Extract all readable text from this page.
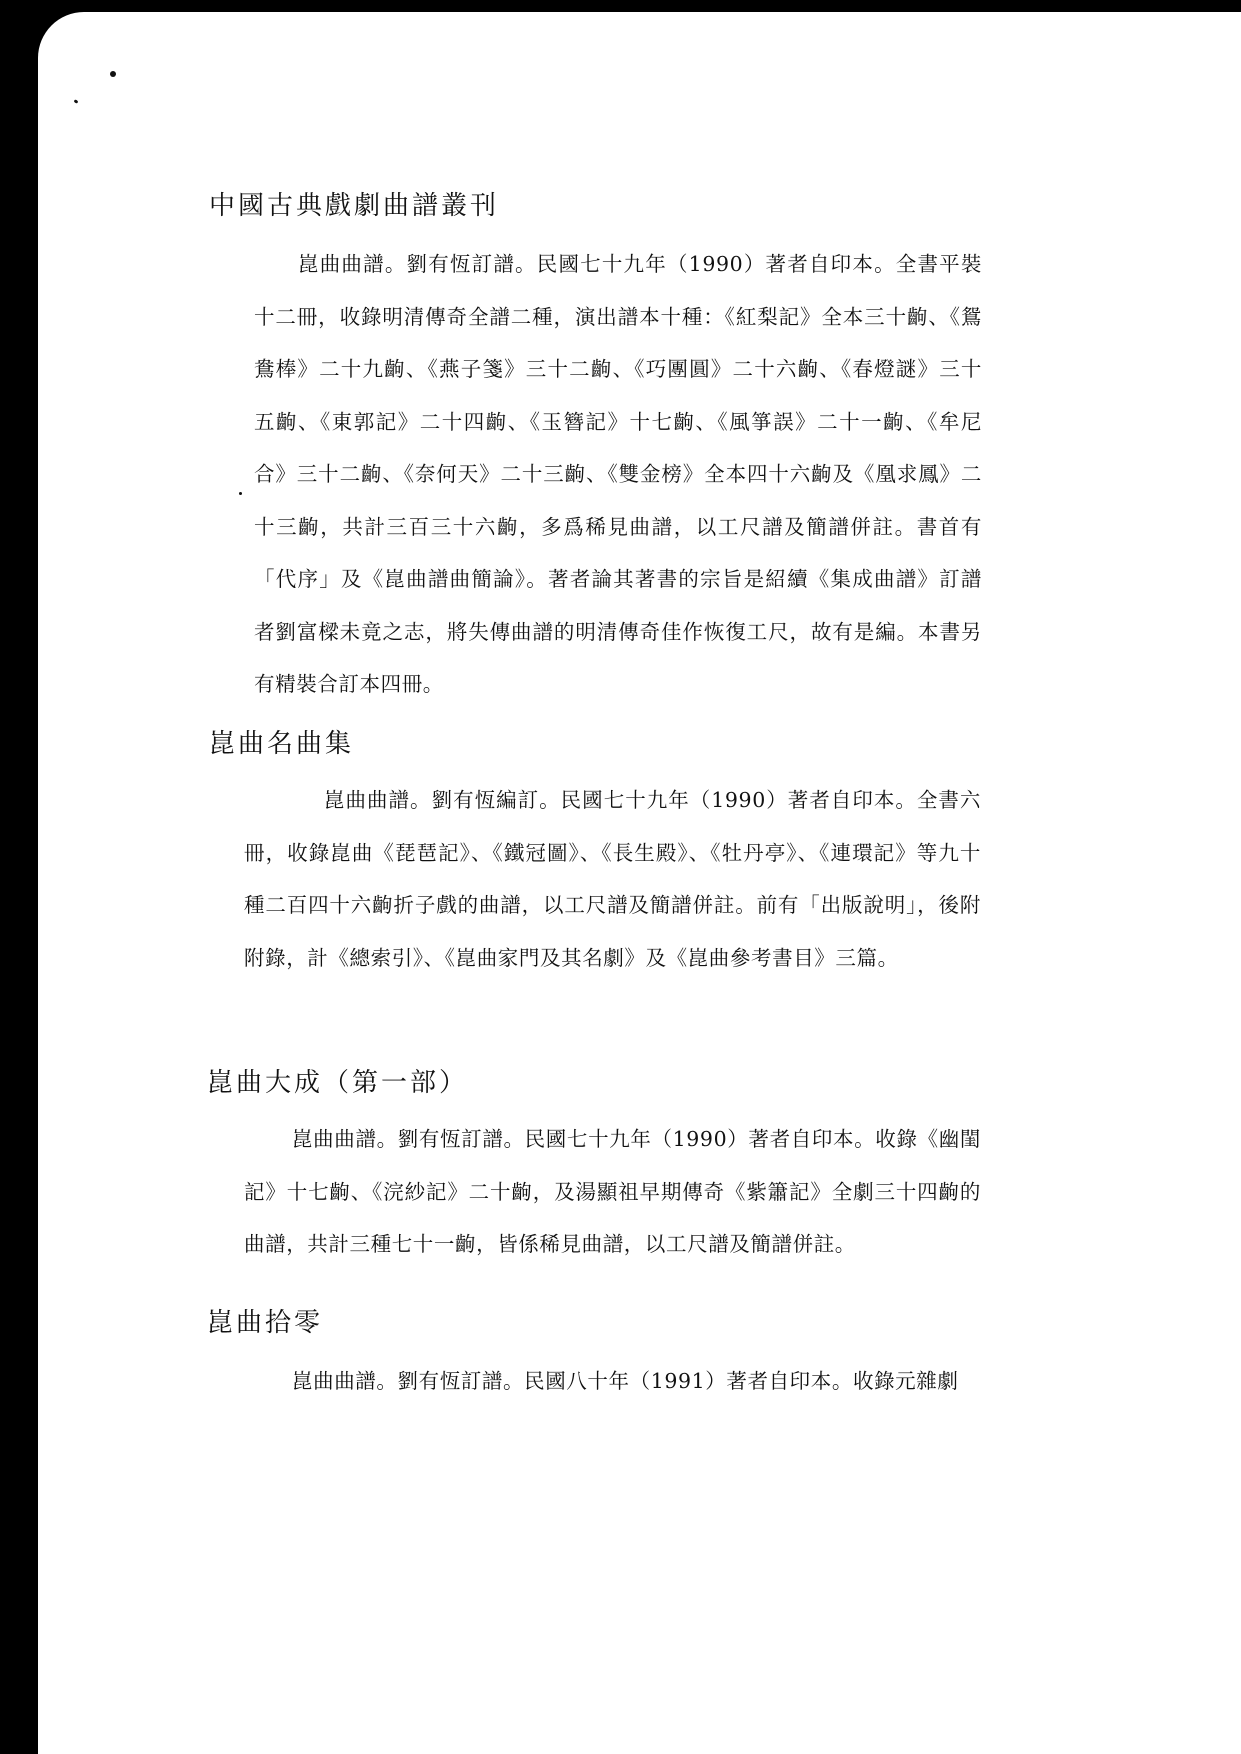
中國古典戲劇曲譜叢刊

崑曲曲譜。劉有恆訂譜。民國七十九年（1990）著者自印本。全書平裝十二冊，收錄明清傳奇全譜二種，演出譜本十種：《紅梨記》全本三十齣、《鴛鴦棒》二十九齣、《燕子箋》三十二齣、《巧團圓》二十六齣、《春燈謎》三十五齣、《東郭記》二十四齣、《玉簪記》十七齣、《風箏誤》二十一齣、《牟尼合》三十二齣、《奈何天》二十三齣、《雙金榜》全本四十六齣及《凰求鳳》二十三齣，共計三百三十六齣，多爲稀見曲譜，以工尺譜及簡譜併註。書首有「代序」及《崑曲譜曲簡論》。著者論其著書的宗旨是紹續《集成曲譜》訂譜者劉富樑未竟之志，將失傳曲譜的明清傳奇佳作恢復工尺，故有是編。本書另有精裝合訂本四冊。

崑曲名曲集

崑曲曲譜。劉有恆編訂。民國七十九年（1990）著者自印本。全書六冊，收錄崑曲《琵琶記》、《鐵冠圖》、《長生殿》、《牡丹亭》、《連環記》等九十種二百四十六齣折子戲的曲譜，以工尺譜及簡譜併註。前有「出版說明」，後附附錄，計《總索引》、《崑曲家門及其名劇》及《崑曲參考書目》三篇。

崑曲大成（第一部）

崑曲曲譜。劉有恆訂譜。民國七十九年（1990）著者自印本。收錄《幽閨記》十七齣、《浣紗記》二十齣，及湯顯祖早期傳奇《紫簫記》全劇三十四齣的曲譜，共計三種七十一齣，皆係稀見曲譜，以工尺譜及簡譜併註。

崑曲拾零

崑曲曲譜。劉有恆訂譜。民國八十年（1991）著者自印本。收錄元雜劇
